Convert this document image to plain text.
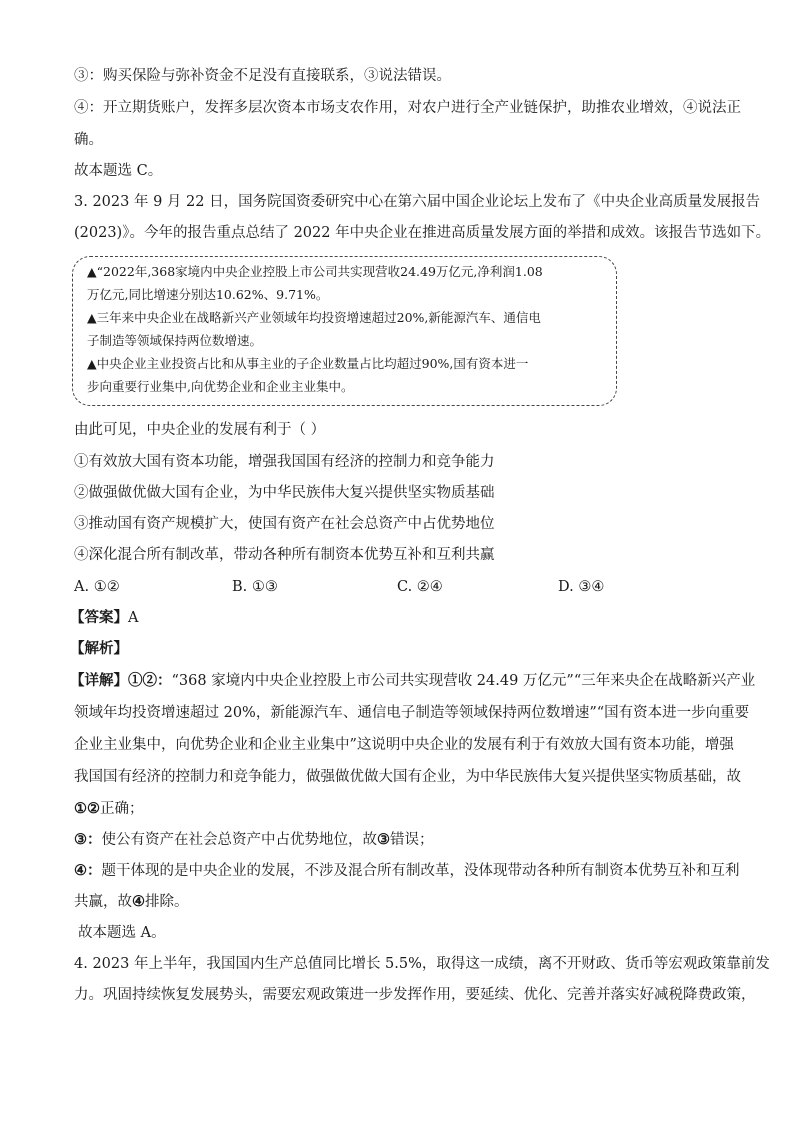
③：购买保险与弥补资金不足没有直接联系，③说法错误。
④：开立期货账户，发挥多层次资本市场支农作用，对农户进行全产业链保护，助推农业增效，④说法正
确。
故本题选 C。
3. 2023 年 9 月 22 日，国务院国资委研究中心在第六届中国企业论坛上发布了《中央企业高质量发展报告
(2023)》。今年的报告重点总结了 2022 年中央企业在推进高质量发展方面的举措和成效。该报告节选如下。
▲“2022年,368家境内中央企业控股上市公司共实现营收24.49万亿元,净利润1.08
万亿元,同比增速分别达10.62%、9.71%。
▲三年来中央企业在战略新兴产业领域年均投资增速超过20%,新能源汽车、通信电
子制造等领域保持两位数增速。
▲中央企业主业投资占比和从事主业的子企业数量占比均超过90%,国有资本进一
步向重要行业集中,向优势企业和企业主业集中。
由此可见，中央企业的发展有利于（ ）
①有效放大国有资本功能，增强我国国有经济的控制力和竞争能力
②做强做优做大国有企业，为中华民族伟大复兴提供坚实物质基础
③推动国有资产规模扩大，使国有资产在社会总资产中占优势地位
④深化混合所有制改革，带动各种所有制资本优势互补和互利共赢
A. ①②	B. ①③	C. ②④	D. ③④
【答案】A
【解析】
【详解】①②：“368 家境内中央企业控股上市公司共实现营收 24.49 万亿元”“三年来央企在战略新兴产业
领域年均投资增速超过 20%，新能源汽车、通信电子制造等领域保持两位数增速”“国有资本进一步向重要
企业主业集中，向优势企业和企业主业集中”这说明中央企业的发展有利于有效放大国有资本功能，增强
我国国有经济的控制力和竞争能力，做强做优做大国有企业，为中华民族伟大复兴提供坚实物质基础，故
①②正确；
③：使公有资产在社会总资产中占优势地位，故③错误；
④：题干体现的是中央企业的发展，不涉及混合所有制改革，没体现带动各种所有制资本优势互补和互利
共赢，故④排除。
故本题选 A。
4. 2023 年上半年，我国国内生产总值同比增长 5.5%，取得这一成绩，离不开财政、货币等宏观政策靠前发
力。巩固持续恢复发展势头，需要宏观政策进一步发挥作用，要延续、优化、完善并落实好减税降费政策，
